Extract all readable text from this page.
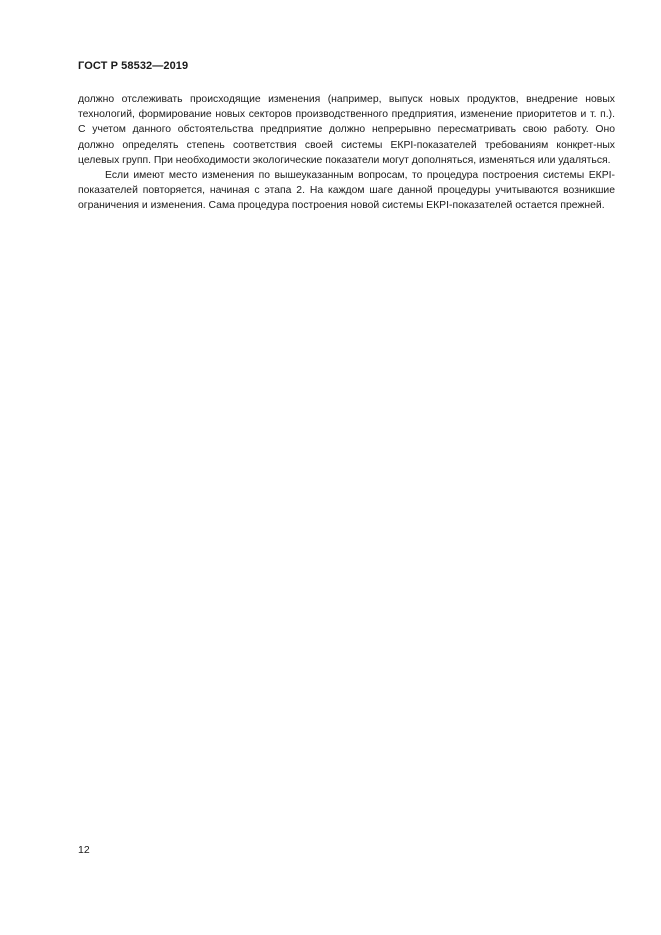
ГОСТ Р 58532—2019

должно отслеживать происходящие изменения (например, выпуск новых продуктов, внедрение новых технологий, формирование новых секторов производственного предприятия, изменение приоритетов и т. п.). С учетом данного обстоятельства предприятие должно непрерывно пересматривать свою работу. Оно должно определять степень соответствия своей системы ЕКРI-показателей требованиям конкрет-ных целевых групп. При необходимости экологические показатели могут дополняться, изменяться или удаляться.

Если имеют место изменения по вышеуказанным вопросам, то процедура построения системы ЕКРI-показателей повторяется, начиная с этапа 2. На каждом шаге данной процедуры учитываются возникшие ограничения и изменения. Сама процедура построения новой системы ЕКРI-показателей остается прежней.

12
